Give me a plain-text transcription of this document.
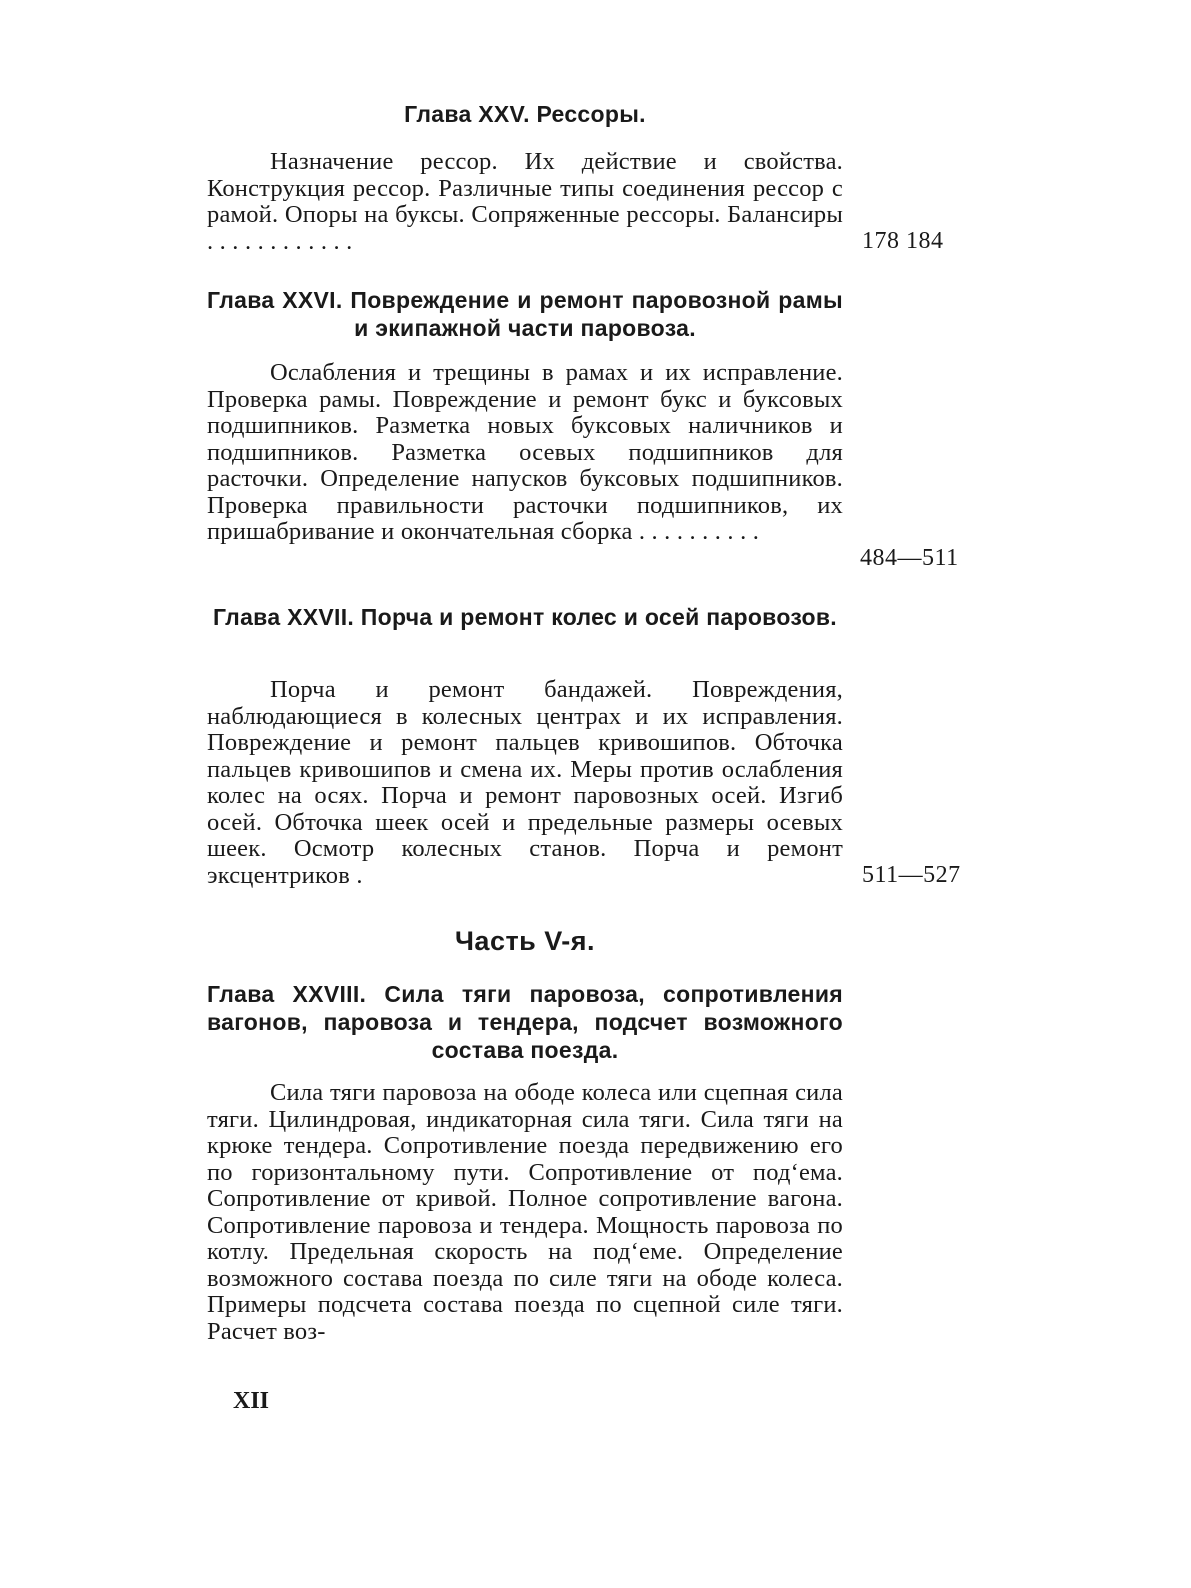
Глава XXV. Рессоры.
Назначение рессор. Их действие и свойства. Конструкция рессор. Различные типы соединения рессор с рамой. Опоры на буксы. Сопряженные рессоры. Балансиры . . . . . . . . . . . .	178 184
Глава XXVI. Повреждение и ремонт паровозной рамы и экипажной части паровоза.
Ослабления и трещины в рамах и их исправление. Проверка рамы. Повреждение и ремонт букс и буксовых подшипников. Разметка новых буксовых наличников и подшипников. Разметка осевых подшипников для расточки. Определение напусков буксовых подшипников. Проверка правильности расточки подшипников, их пришабривание и окончательная сборка . . . . . . . . . .
484—511
Глава XXVII. Порча и ремонт колес и осей паровозов.
Порча и ремонт бандажей. Повреждения, наблюдающиеся в колесных центрах и их исправления. Повреждение и ремонт пальцев кривошипов. Обточка пальцев кривошипов и смена их. Меры против ослабления колес на осях. Порча и ремонт паровозных осей. Изгиб осей. Обточка шеек осей и предельные размеры осевых шеек. Осмотр колесных станов. Порча и ремонт эксцентриков .	511—527
Часть V-я.
Глава XXVIII. Сила тяги паровоза, сопротивления вагонов, паровоза и тендера, подсчет возможного состава поезда.
Сила тяги паровоза на ободе колеса или сцепная сила тяги. Цилиндровая, индикаторная сила тяги. Сила тяги на крюке тендера. Сопротивление поезда передвижению его по горизонтальному пути. Сопротивление от под‘ема. Сопротивление от кривой. Полное сопротивление вагона. Сопротивление паровоза и тендера. Мощность паровоза по котлу. Предельная скорость на под‘еме. Определение возможного состава поезда по силе тяги на ободе колеса. Примеры подсчета состава поезда по сцепной силе тяги. Расчет воз-
XII
